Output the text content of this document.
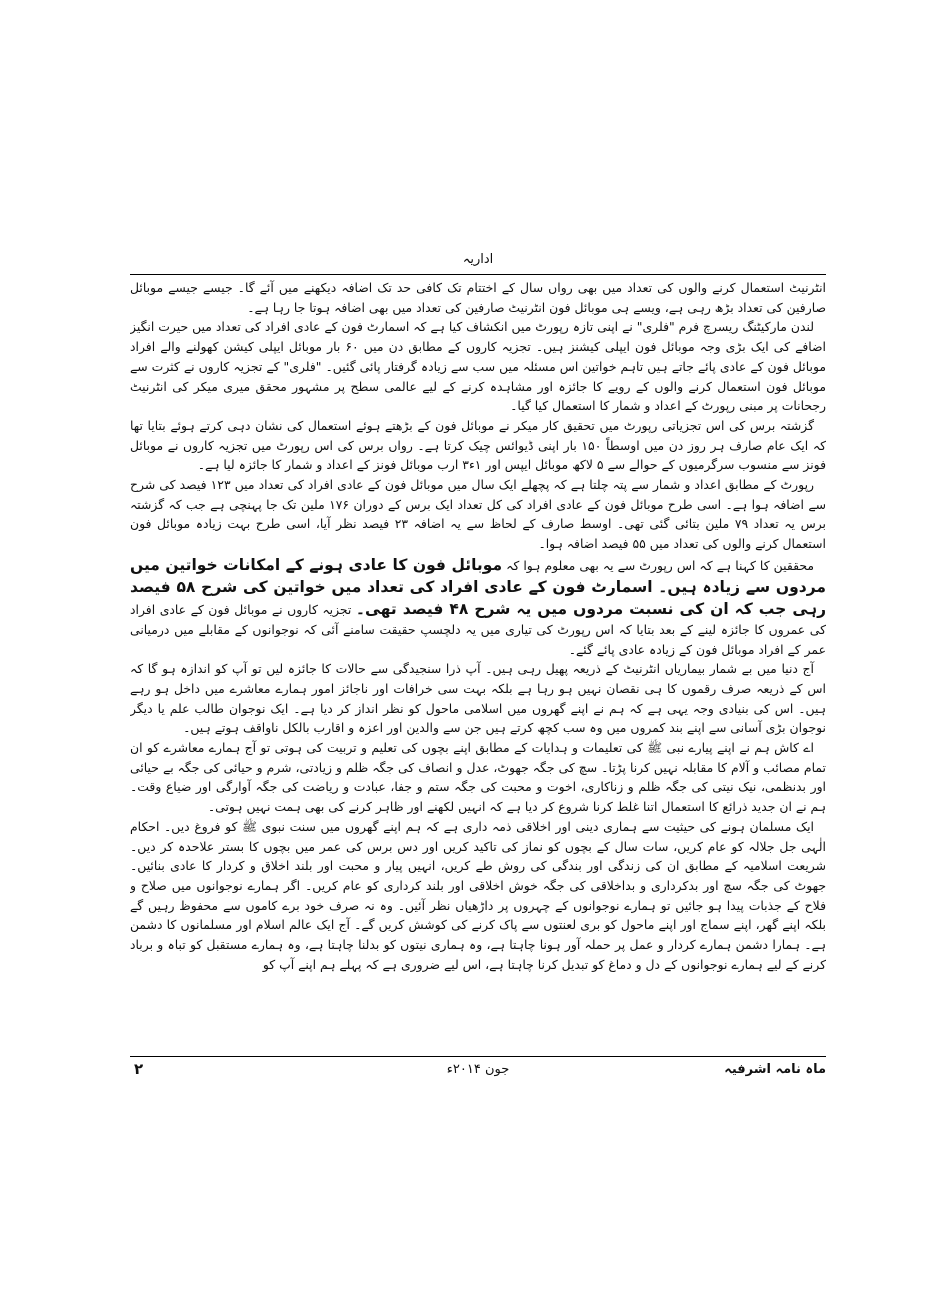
اداریہ

انٹرنیٹ استعمال کرنے والوں کی تعداد میں بھی رواں سال کے اختتام تک کافی حد تک اضافہ دیکھنے میں آئے گا۔ جیسے جیسے موبائل صارفین کی تعداد بڑھ رہی ہے، ویسے ہی موبائل فون انٹرنیٹ صارفین کی تعداد میں بھی اضافہ ہوتا جا رہا ہے۔

لندن مارکیٹنگ ریسرچ فرم "فلری" نے اپنی تازہ رپورٹ میں انکشاف کیا ہے کہ اسمارٹ فون کے عادی افراد کی تعداد میں حیرت انگیز اضافے کی ایک بڑی وجہ موبائل فون ایپلی کیشنز ہیں۔ تجزیہ کاروں کے مطابق دن میں ۶۰ بار موبائل ایپلی کیشن کھولنے والے افراد موبائل فون کے عادی پائے جاتے ہیں تاہم خواتین اس مسئلہ میں سب سے زیادہ گرفتار پائی گئیں۔ "فلری" کے تجزیہ کاروں نے کثرت سے موبائل فون استعمال کرنے والوں کے رویے کا جائزہ اور مشاہدہ کرنے کے لیے عالمی سطح پر مشہور محقق میری میکر کی انٹرنیٹ رجحانات پر مبنی رپورٹ کے اعداد و شمار کا استعمال کیا گیا۔

گزشتہ برس کی اس تجزیاتی رپورٹ میں تحقیق کار میکر نے موبائل فون کے بڑھتے ہوئے استعمال کی نشان دہی کرتے ہوئے بتایا تھا کہ ایک عام صارف ہر روز دن میں اوسطاً ۱۵۰ بار اپنی ڈیوائس چیک کرتا ہے۔ رواں برس کی اس رپورٹ میں تجزیہ کاروں نے موبائل فونز سے منسوب سرگرمیوں کے حوالے سے ۵ لاکھ موبائل ایپس اور ۱ء۳ ارب موبائل فونز کے اعداد و شمار کا جائزہ لیا ہے۔

رپورٹ کے مطابق اعداد و شمار سے پتہ چلتا ہے کہ پچھلے ایک سال میں موبائل فون کے عادی افراد کی تعداد میں ۱۲۳ فیصد کی شرح سے اضافہ ہوا ہے۔ اسی طرح موبائل فون کے عادی افراد کی کل تعداد ایک برس کے دوران ۱۷۶ ملین تک جا پہنچی ہے جب کہ گزشتہ برس یہ تعداد ۷۹ ملین بتائی گئی تھی۔ اوسط صارف کے لحاظ سے یہ اضافہ ۲۳ فیصد نظر آیا، اسی طرح بہت زیادہ موبائل فون استعمال کرنے والوں کی تعداد میں ۵۵ فیصد اضافہ ہوا۔

محققین کا کہنا ہے کہ اس رپورٹ سے یہ بھی معلوم ہوا کہ موبائل فون کا عادی ہونے کے امکانات خواتین میں مردوں سے زیادہ ہیں۔ اسمارٹ فون کے عادی افراد کی تعداد میں خواتین کی شرح ۵۸ فیصد رہی جب کہ ان کی نسبت مردوں میں یہ شرح ۴۸ فیصد تھی۔ تجزیہ کاروں نے موبائل فون کے عادی افراد کی عمروں کا جائزہ لینے کے بعد بتایا کہ اس رپورٹ کی تیاری میں یہ دلچسپ حقیقت سامنے آئی کہ نوجوانوں کے مقابلے میں درمیانی عمر کے افراد موبائل فون کے زیادہ عادی پائے گئے۔

آج دنیا میں بے شمار بیماریاں انٹرنیٹ کے ذریعہ پھیل رہی ہیں۔ آپ ذرا سنجیدگی سے حالات کا جائزہ لیں تو آپ کو اندازہ ہو گا کہ اس کے ذریعہ صرف رقموں کا ہی نقصان نہیں ہو رہا ہے بلکہ بہت سی خرافات اور ناجائز امور ہمارے معاشرے میں داخل ہو رہے ہیں۔ اس کی بنیادی وجہ یہی ہے کہ ہم نے اپنے گھروں میں اسلامی ماحول کو نظر انداز کر دیا ہے۔ ایک نوجوان طالب علم یا دیگر نوجوان بڑی آسانی سے اپنے بند کمروں میں وہ سب کچھ کرتے ہیں جن سے والدین اور اعزہ و اقارب بالکل ناواقف ہوتے ہیں۔

اے کاش ہم نے اپنے پیارے نبی ﷺ کی تعلیمات و ہدایات کے مطابق اپنے بچوں کی تعلیم و تربیت کی ہوتی تو آج ہمارے معاشرے کو ان تمام مصائب و آلام کا مقابلہ نہیں کرنا پڑتا۔ سچ کی جگہ جھوٹ، عدل و انصاف کی جگہ ظلم و زیادتی، شرم و حیائی کی جگہ بے حیائی اور بدنظمی، نیک نیتی کی جگہ ظلم و زناکاری، اخوت و محبت کی جگہ ستم و جفا، عبادت و ریاضت کی جگہ آوارگی اور ضیاع وقت۔ ہم نے ان جدید ذرائع کا استعمال اتنا غلط کرنا شروع کر دیا ہے کہ انہیں لکھنے اور ظاہر کرنے کی بھی ہمت نہیں ہوتی۔

ایک مسلمان ہونے کی حیثیت سے ہماری دینی اور اخلاقی ذمہ داری ہے کہ ہم اپنے گھروں میں سنت نبوی ﷺ کو فروغ دیں۔ احکام الٰہی جل جلالہ کو عام کریں، سات سال کے بچوں کو نماز کی تاکید کریں اور دس برس کی عمر میں بچوں کا بستر علاحدہ کر دیں۔ شریعت اسلامیہ کے مطابق ان کی زندگی اور بندگی کی روش طے کریں، انہیں پیار و محبت اور بلند اخلاق و کردار کا عادی بنائیں۔ جھوٹ کی جگہ سچ اور بدکرداری و بداخلاقی کی جگہ خوش اخلاقی اور بلند کرداری کو عام کریں۔ اگر ہمارے نوجوانوں میں صلاح و فلاح کے جذبات پیدا ہو جائیں تو ہمارے نوجوانوں کے چہروں پر داڑھیاں نظر آئیں۔ وہ نہ صرف خود برے کاموں سے محفوظ رہیں گے بلکہ اپنے گھر، اپنے سماج اور اپنے ماحول کو بری لعنتوں سے پاک کرنے کی کوشش کریں گے۔ آج ایک عالم اسلام اور مسلمانوں کا دشمن ہے۔ ہمارا دشمن ہمارے کردار و عمل پر حملہ آور ہونا چاہتا ہے، وہ ہماری نیتوں کو بدلنا چاہتا ہے، وہ ہمارے مستقبل کو تباہ و برباد کرنے کے لیے ہمارے نوجوانوں کے دل و دماغ کو تبدیل کرنا چاہتا ہے، اس لیے ضروری ہے کہ پہلے ہم اپنے آپ کو

ماہ نامہ اشرفیہ
جون ۲۰۱۴ء
۲
